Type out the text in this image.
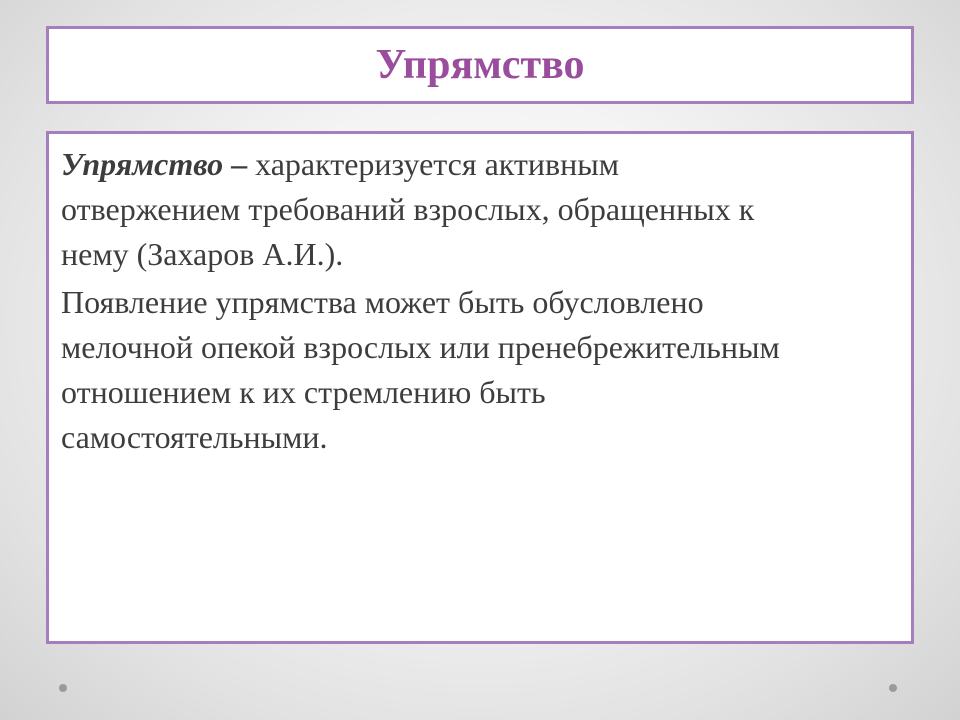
Упрямство

Упрямство – характеризуется активным
отвержением требований взрослых, обращенных к
нему (Захаров А.И.).

Появление упрямства может быть обусловлено
мелочной опекой взрослых или пренебрежительным
отношением к их стремлению быть
самостоятельными.
